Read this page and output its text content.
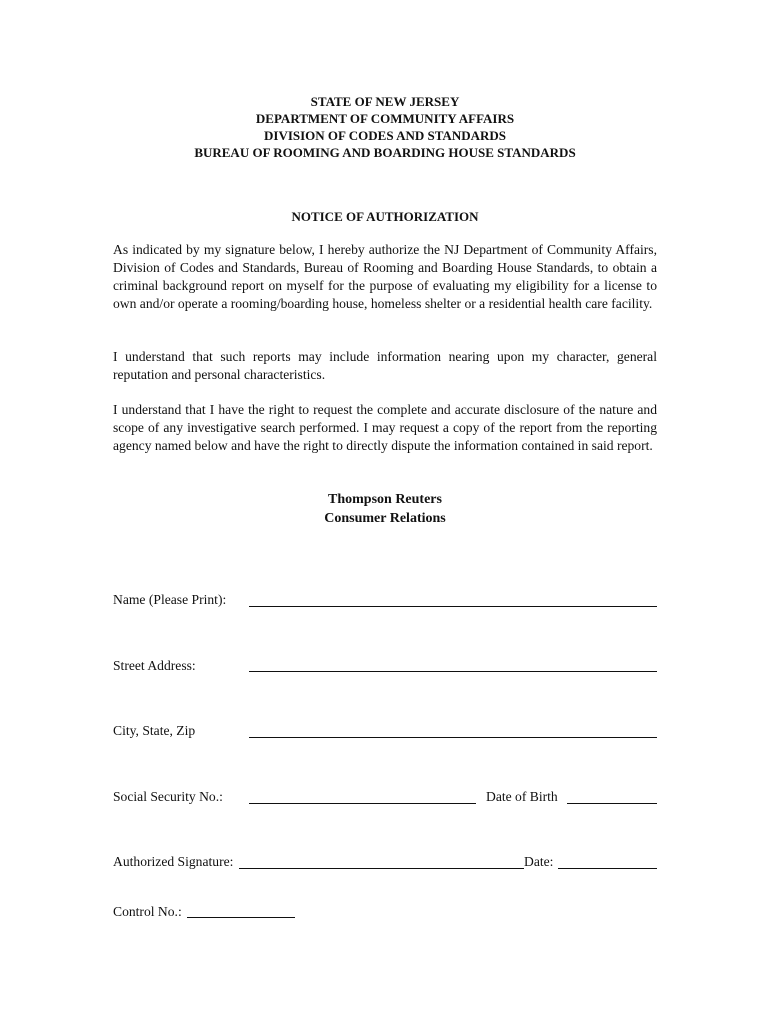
STATE OF NEW JERSEY
DEPARTMENT OF COMMUNITY AFFAIRS
DIVISION OF CODES AND STANDARDS
BUREAU OF ROOMING AND BOARDING HOUSE STANDARDS
NOTICE OF AUTHORIZATION
As indicated by my signature below, I hereby authorize the NJ Department of Community Affairs, Division of Codes and Standards, Bureau of Rooming and Boarding House Standards, to obtain a criminal background report on myself for the purpose of evaluating my eligibility for a license to own and/or operate a rooming/boarding house, homeless shelter or a residential health care facility.
I understand that such reports may include information nearing upon my character, general reputation and personal characteristics.
I understand that I have the right to request the complete and accurate disclosure of the nature and scope of any investigative search performed. I may request a copy of the report from the reporting agency named below and have the right to directly dispute the information contained in said report.
Thompson Reuters
Consumer Relations
Name (Please Print):
Street Address:
City, State, Zip
Social Security No.:	Date of Birth
Authorized Signature:	Date:
Control No.:
